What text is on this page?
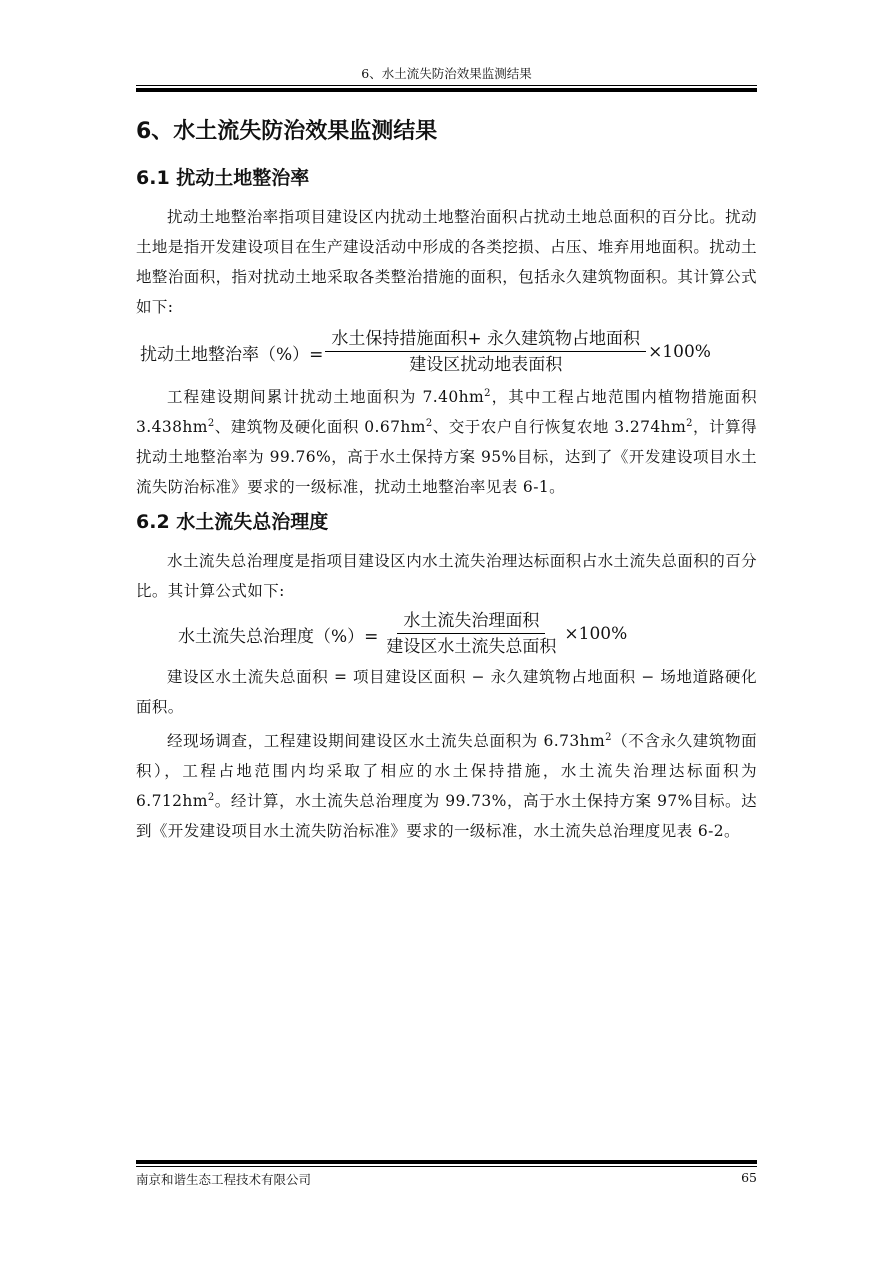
6、水土流失防治效果监测结果
6、水土流失防治效果监测结果
6.1 扰动土地整治率

扰动土地整治率指项目建设区内扰动土地整治面积占扰动土地总面积的百分比。扰动土地是指开发建设项目在生产建设活动中形成的各类挖损、占压、堆弃用地面积。扰动土地整治面积，指对扰动土地采取各类整治措施的面积，包括永久建筑物面积。其计算公式如下:

扰动土地整治率（%）= $\frac{\text{水土保持措施面积+ 永久建筑物占地面积}}{\text{建设区扰动地表面积}} \times 100\%$

工程建设期间累计扰动土地面积为 $7.40hm^2$，其中工程占地范围内植物措施面积 $3.438hm^2$、建筑物及硬化面积 $0.67hm^2$、交于农户自行恢复农地 $3.274hm^2$，计算得扰动土地整治率为 99.76%，高于水土保持方案 95%目标，达到了《开发建设项目水土流失防治标准》要求的一级标准，扰动土地整治率见表 6-1。

6.2 水土流失总治理度

水土流失总治理度是指项目建设区内水土流失治理达标面积占水土流失总面积的百分比。其计算公式如下:

水土流失总治理度（%）= $\frac{\text{水土流失治理面积}}{\text{建设区水土流失总面积}} \times 100\%$

建设区水土流失总面积 = 项目建设区面积 − 永久建筑物占地面积 − 场地道路硬化面积。

经现场调查，工程建设期间建设区水土流失总面积为 $6.73hm^2$（不含永久建筑物面积），工程占地范围内均采取了相应的水土保持措施，水土流失治理达标面积为 $6.712hm^2$。经计算，水土流失总治理度为 99.73%，高于水土保持方案 97%目标。达到《开发建设项目水土流失防治标准》要求的一级标准，水土流失总治理度见表 6-2。

南京和谐生态工程技术有限公司	65
